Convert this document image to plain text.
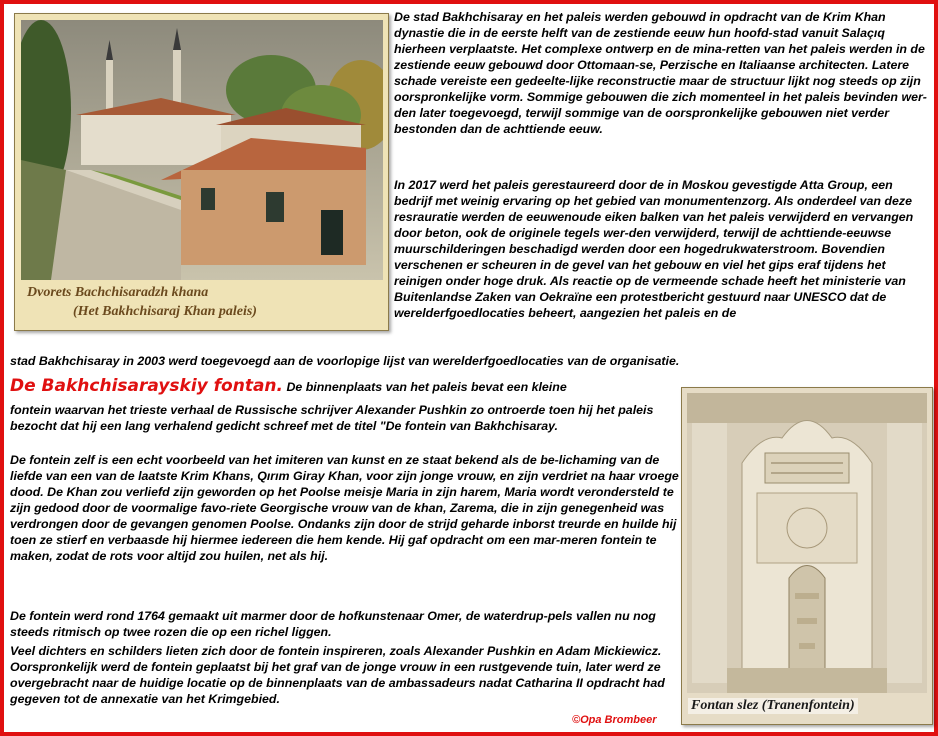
Dvorets Bachchisaradzh khana
(Het Bakhchisaraj Khan paleis)

De stad Bakhchisaray en het paleis werden gebouwd in opdracht van de Krim Khan dynastie die in de eerste helft van de zestiende eeuw hun hoofd-stad vanuit Salaçıq hierheen verplaatste. Het complexe ontwerp en de mina-retten van het paleis werden in de zestiende eeuw gebouwd door Ottomaan-se, Perzische en Italiaanse architecten. Latere schade vereiste een gedeelte-lijke reconstructie maar de structuur lijkt nog steeds op zijn oorspronkelijke vorm. Sommige gebouwen die zich momenteel in het paleis bevinden wer-den later toegevoegd, terwijl sommige van de oorspronkelijke gebouwen niet verder bestonden dan de achttiende eeuw.

In 2017 werd het paleis gerestaureerd door de in Moskou gevestigde Atta Group, een bedrijf met weinig ervaring op het gebied van monumentenzorg. Als onderdeel van deze resrauratie werden de eeuwenoude eiken balken van het paleis verwijderd en vervangen door beton, ook de originele tegels wer-den verwijderd, terwijl de achttiende-eeuwse muurschilderingen beschadigd werden door een hogedrukwaterstroom. Bovendien verschenen er scheuren in de gevel van het gebouw en viel het gips eraf tijdens het reinigen onder hoge druk. Als reactie op de vermeende schade heeft het ministerie van Buitenlandse Zaken van Oekraïne een protestbericht gestuurd naar UNESCO dat de werelderfgoedlocaties beheert, aangezien het paleis en de

stad Bakhchisaray in 2003 werd toegevoegd aan de voorlopige lijst van werelderfgoedlocaties van de organisatie.

De Bakhchisarayskiy fontan. De binnenplaats van het paleis bevat een kleine

fontein waarvan het trieste verhaal de Russische schrijver Alexander Pushkin zo ontroerde toen hij het paleis bezocht dat hij een lang verhalend gedicht schreef met de titel "De fontein van Bakhchisaray.

De fontein zelf is een echt voorbeeld van het imiteren van kunst en ze staat bekend als de be-lichaming van de liefde van een van de laatste Krim Khans, Qırım Giray Khan, voor zijn jonge vrouw, en zijn verdriet na haar vroege dood. De Khan zou verliefd zijn geworden op het Poolse meisje Maria in zijn harem, Maria wordt verondersteld te zijn gedood door de voormalige favo-riete Georgische vrouw van de khan, Zarema, die in zijn genegenheid was verdrongen door de gevangen genomen Poolse. Ondanks zijn door de strijd geharde inborst treurde en huilde hij toen ze stierf en verbaasde hij hiermee iedereen die hem kende. Hij gaf opdracht om een mar-meren fontein te maken, zodat de rots voor altijd zou huilen, net als hij.

De fontein werd rond 1764 gemaakt uit marmer door de hofkunstenaar Omer, de waterdrup-pels vallen nu nog steeds ritmisch op twee rozen die op een richel liggen.

Veel dichters en schilders lieten zich door de fontein inspireren, zoals Alexander Pushkin en Adam Mickiewicz. Oorspronkelijk werd de fontein geplaatst bij het graf van de jonge vrouw in een rustgevende tuin, later werd ze overgebracht naar de huidige locatie op de binnenplaats van de ambassadeurs nadat Catharina II opdracht had gegeven tot de annexatie van het Krimgebied.

©Opa Brombeer
Fontan slez (Tranenfontein)
